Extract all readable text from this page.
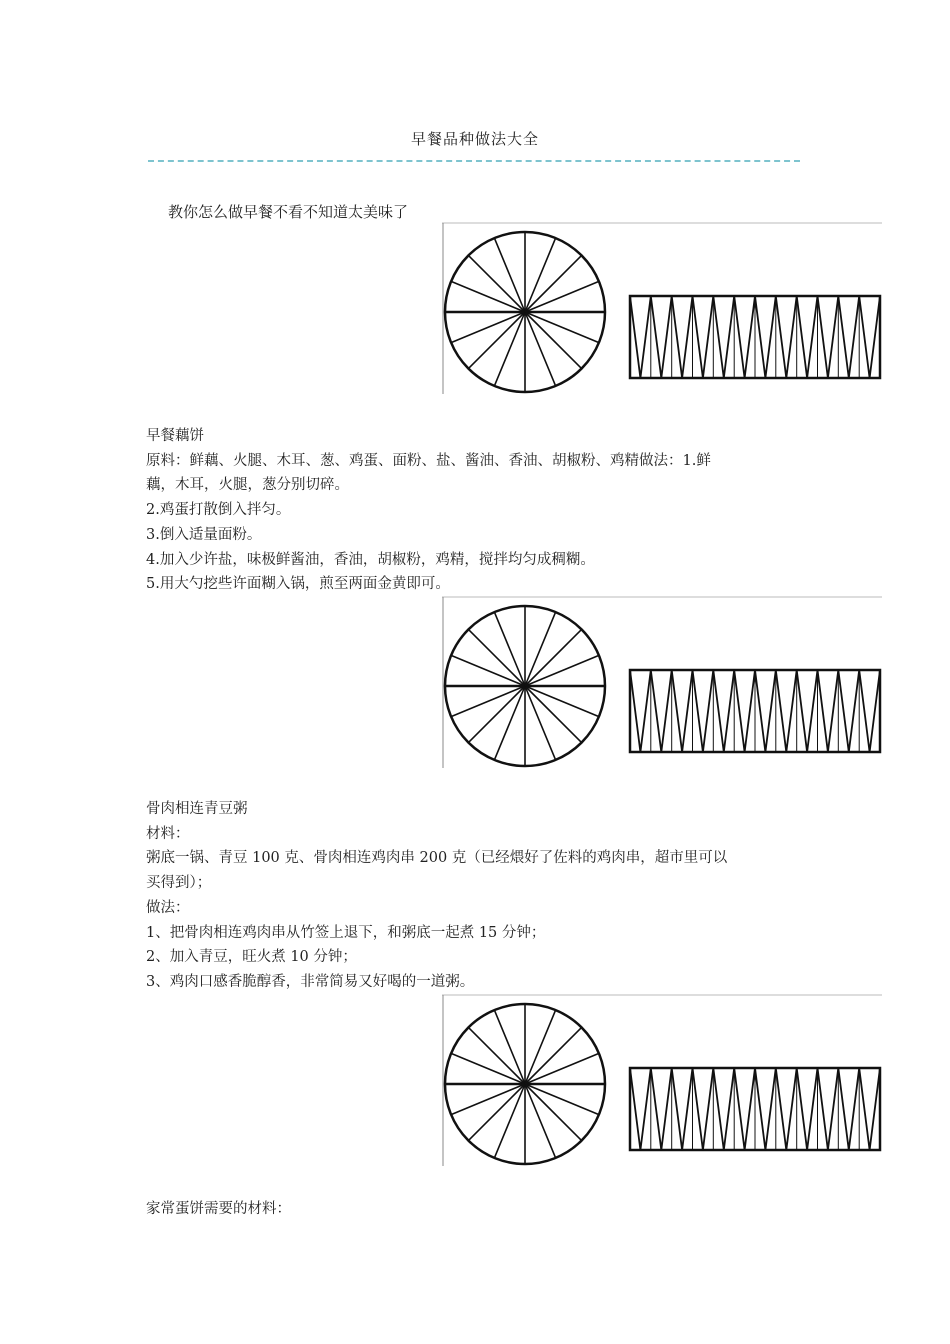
早餐品种做法大全
教你怎么做早餐不看不知道太美味了

早餐藕饼

原料：鲜藕、火腿、木耳、葱、鸡蛋、面粉、盐、酱油、香油、胡椒粉、鸡精做法：1.鲜

藕，木耳，火腿，葱分别切碎。

2.鸡蛋打散倒入拌匀。

3.倒入适量面粉。

4.加入少许盐，味极鲜酱油，香油，胡椒粉，鸡精，搅拌均匀成稠糊。

5.用大勺挖些许面糊入锅，煎至两面金黄即可。

骨肉相连青豆粥

材料：

粥底一锅、青豆 100 克、骨肉相连鸡肉串 200 克（已经煨好了佐料的鸡肉串，超市里可以

买得到）；

做法：

1、把骨肉相连鸡肉串从竹签上退下，和粥底一起煮 15 分钟；

2、加入青豆，旺火煮 10 分钟；

3、鸡肉口感香脆醇香，非常简易又好喝的一道粥。

家常蛋饼需要的材料：
